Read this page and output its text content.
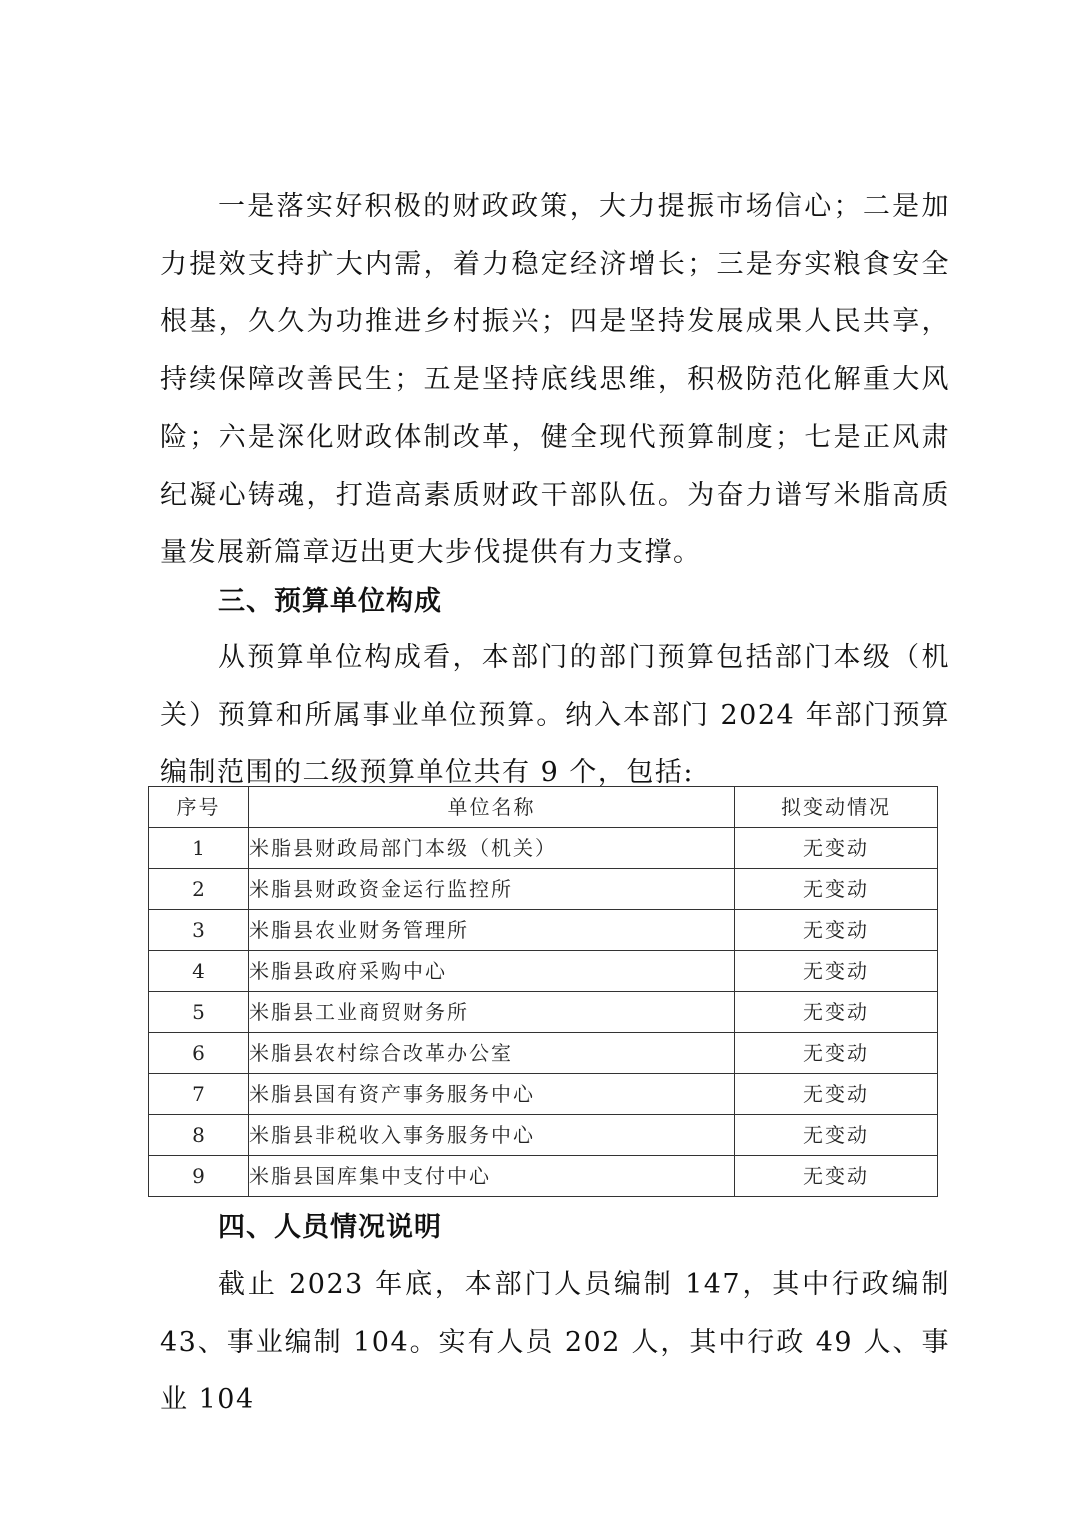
一是落实好积极的财政政策，大力提振市场信心；二是加力提效支持扩大内需，着力稳定经济增长；三是夯实粮食安全根基，久久为功推进乡村振兴；四是坚持发展成果人民共享，持续保障改善民生；五是坚持底线思维，积极防范化解重大风险；六是深化财政体制改革，健全现代预算制度；七是正风肃 纪凝心铸魂，打造高素质财政干部队伍。为奋力谱写米脂高质量发展新篇章迈出更大步伐提供有力支撑。

三、预算单位构成

从预算单位构成看，本部门的部门预算包括部门本级（机关）预算和所属事业单位预算。纳入本部门 2024 年部门预算编制范围的二级预算单位共有 9 个，包括:

序号	单位名称	拟变动情况
1	米脂县财政局部门本级（机关）	无变动
2	米脂县财政资金运行监控所	无变动
3	米脂县农业财务管理所	无变动
4	米脂县政府采购中心	无变动
5	米脂县工业商贸财务所	无变动
6	米脂县农村综合改革办公室	无变动
7	米脂县国有资产事务服务中心	无变动
8	米脂县非税收入事务服务中心	无变动
9	米脂县国库集中支付中心	无变动
四、人员情况说明

截止 2023 年底，本部门人员编制 147，其中行政编制 43、事业编制 104。实有人员 202 人，其中行政 49 人、事业 104
